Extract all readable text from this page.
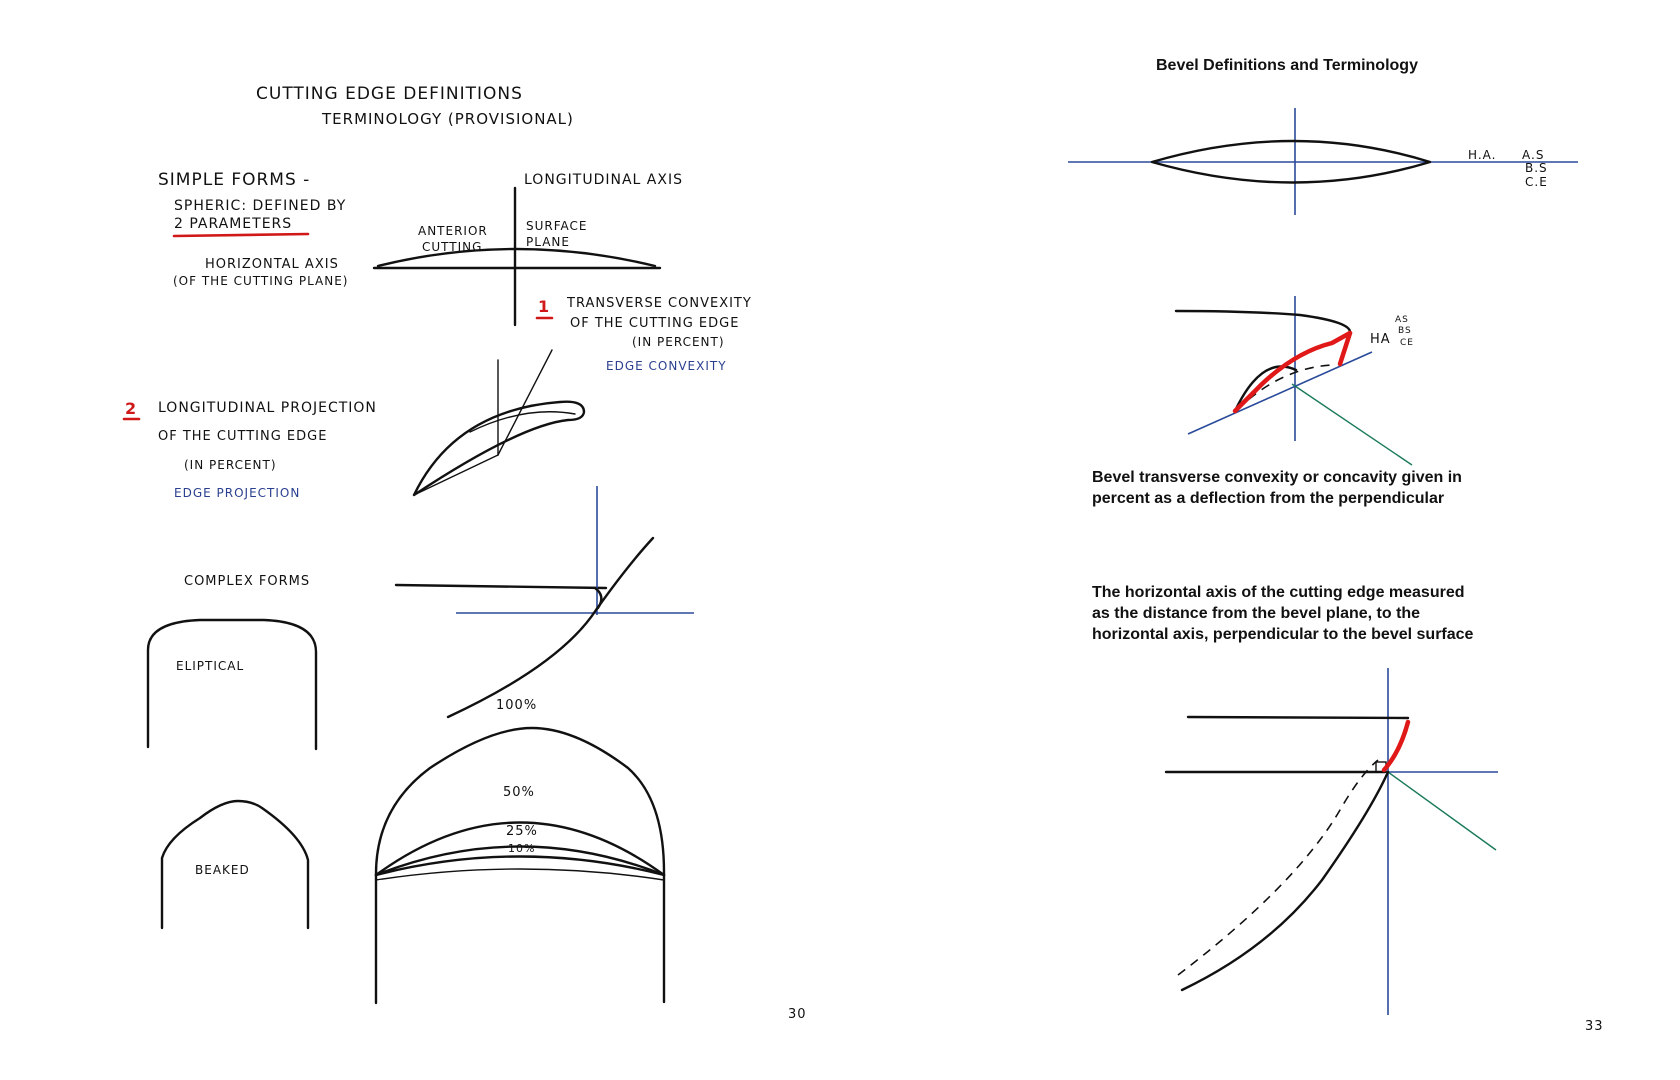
CUTTING EDGE DEFINITIONS
TERMINOLOGY (PROVISIONAL)
SIMPLE FORMS -	LONGITUDINAL AXIS
SPHERIC: DEFINED BY
2 PARAMETERS	ANTERIOR
CUTTING
SURFACE
PLANE
HORIZONTAL AXIS
(OF THE CUTTING PLANE)
1 TRANSVERSE CONVEXITY
OF THE CUTTING EDGE
(IN PERCENT)
EDGE CONVEXITY
2 LONGITUDINAL PROJECTION
OF THE CUTTING EDGE
(IN PERCENT)
EDGE PROJECTION
COMPLEX FORMS
ELIPTICAL
BEAKED
100%
50%
25%
10%
30
Bevel Definitions and Terminology
H.A. A.S
B.S
C.E
HA
AS
BS
CE
Bevel transverse convexity or concavity given in
percent as a deflection from the perpendicular
The horizontal axis of the cutting edge measured
as the distance from the bevel plane, to the
horizontal axis, perpendicular to the bevel surface
33
